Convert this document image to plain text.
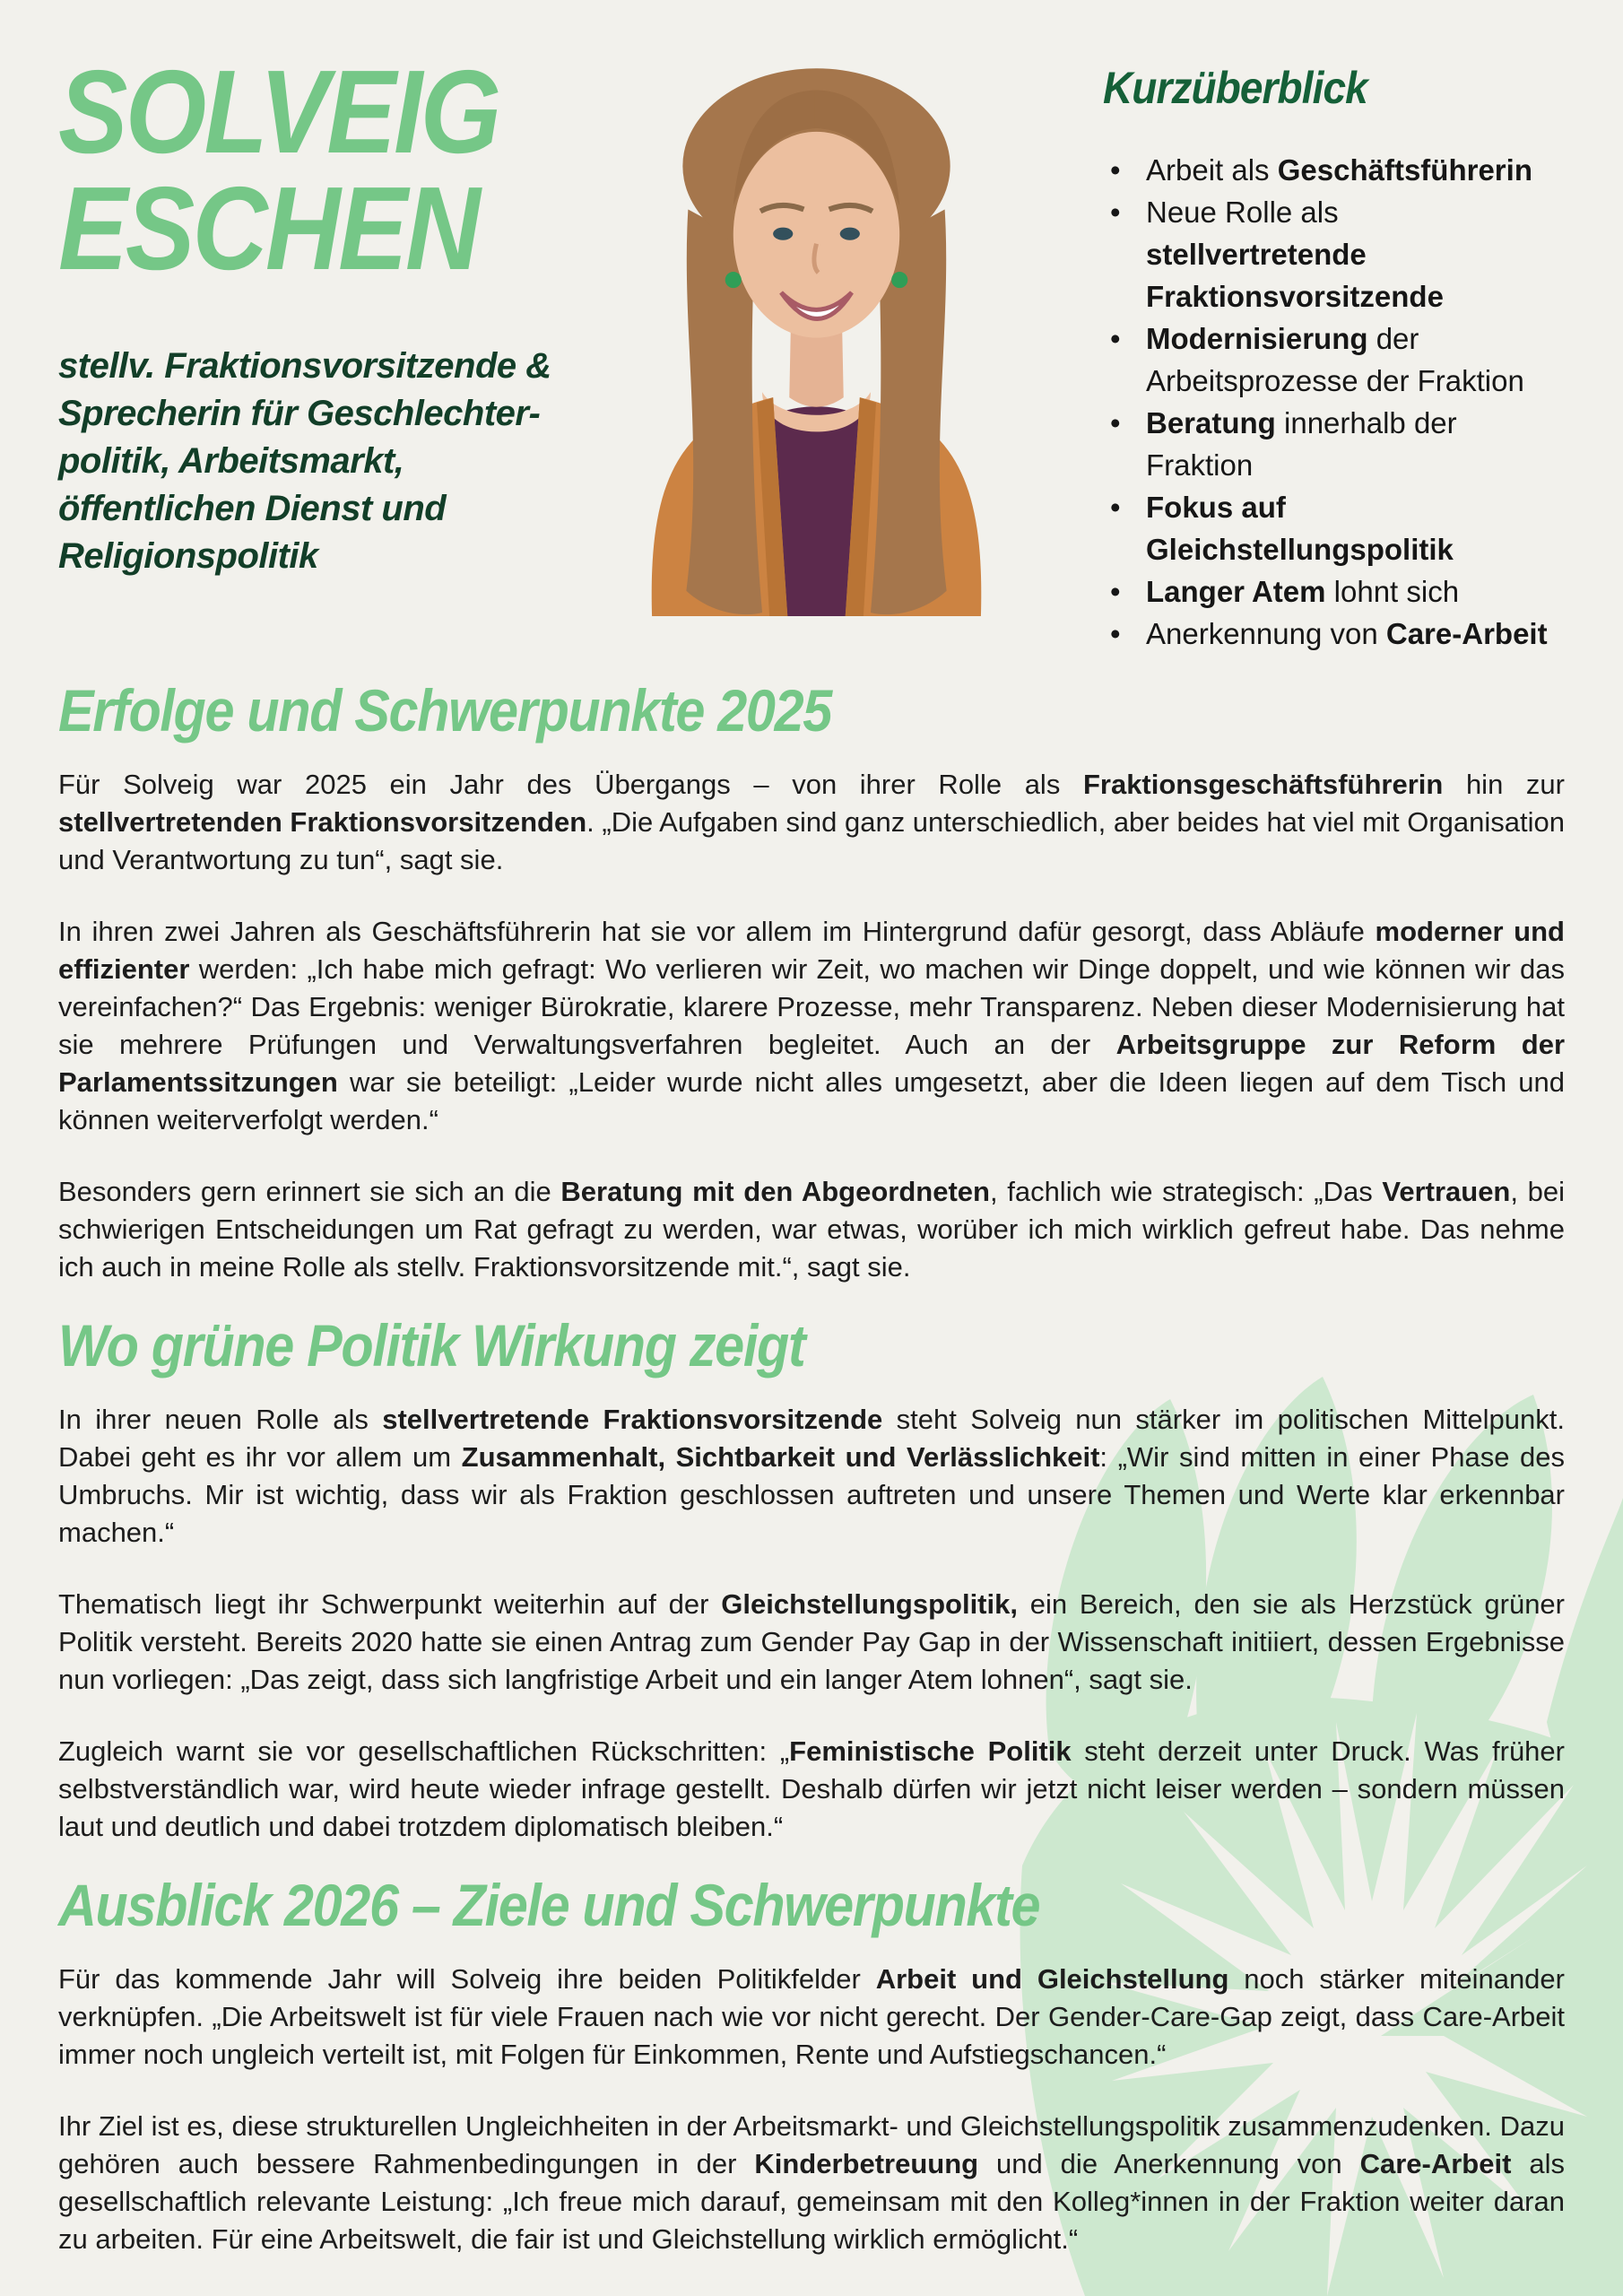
SOLVEIG
ESCHEN
stellv. Fraktionsvorsitzende &
Sprecherin für Geschlechter-
politik, Arbeitsmarkt,
öffentlichen Dienst und
Religionspolitik
Kurzüberblick
• Arbeit als Geschäftsführerin
• Neue Rolle als stellvertretende Fraktionsvorsitzende
• Modernisierung der Arbeitsprozesse der Fraktion
• Beratung innerhalb der Fraktion
• Fokus auf Gleichstellungspolitik
• Langer Atem lohnt sich
• Anerkennung von Care-Arbeit
Erfolge und Schwerpunkte 2025

Für Solveig war 2025 ein Jahr des Übergangs – von ihrer Rolle als Fraktionsgeschäftsführerin hin zur stellvertretenden Fraktionsvorsitzenden. „Die Aufgaben sind ganz unterschiedlich, aber beides hat viel mit Organisation und Verantwortung zu tun“, sagt sie.

In ihren zwei Jahren als Geschäftsführerin hat sie vor allem im Hintergrund dafür gesorgt, dass Abläufe moderner und effizienter werden: „Ich habe mich gefragt: Wo verlieren wir Zeit, wo machen wir Dinge doppelt, und wie können wir das vereinfachen?“ Das Ergebnis: weniger Bürokratie, klarere Prozesse, mehr Transparenz. Neben dieser Modernisierung hat sie mehrere Prüfungen und Verwaltungsverfahren begleitet. Auch an der Arbeitsgruppe zur Reform der Parlamentssitzungen war sie beteiligt: „Leider wurde nicht alles umgesetzt, aber die Ideen liegen auf dem Tisch und können weiterverfolgt werden.“

Besonders gern erinnert sie sich an die Beratung mit den Abgeordneten, fachlich wie strategisch: „Das Vertrauen, bei schwierigen Entscheidungen um Rat gefragt zu werden, war etwas, worüber ich mich wirklich gefreut habe. Das nehme ich auch in meine Rolle als stellv. Fraktionsvorsitzende mit.“, sagt sie.

Wo grüne Politik Wirkung zeigt

In ihrer neuen Rolle als stellvertretende Fraktionsvorsitzende steht Solveig nun stärker im politischen Mittelpunkt. Dabei geht es ihr vor allem um Zusammenhalt, Sichtbarkeit und Verlässlichkeit: „Wir sind mitten in einer Phase des Umbruchs. Mir ist wichtig, dass wir als Fraktion geschlossen auftreten und unsere Themen und Werte klar erkennbar machen.“

Thematisch liegt ihr Schwerpunkt weiterhin auf der Gleichstellungspolitik, ein Bereich, den sie als Herzstück grüner Politik versteht. Bereits 2020 hatte sie einen Antrag zum Gender Pay Gap in der Wissenschaft initiiert, dessen Ergebnisse nun vorliegen: „Das zeigt, dass sich langfristige Arbeit und ein langer Atem lohnen“, sagt sie.

Zugleich warnt sie vor gesellschaftlichen Rückschritten: „Feministische Politik steht derzeit unter Druck. Was früher selbstverständlich war, wird heute wieder infrage gestellt. Deshalb dürfen wir jetzt nicht leiser werden – sondern müssen laut und deutlich und dabei trotzdem diplomatisch bleiben.“

Ausblick 2026 – Ziele und Schwerpunkte

Für das kommende Jahr will Solveig ihre beiden Politikfelder Arbeit und Gleichstellung noch stärker miteinander verknüpfen. „Die Arbeitswelt ist für viele Frauen nach wie vor nicht gerecht. Der Gender-Care-Gap zeigt, dass Care-Arbeit immer noch ungleich verteilt ist, mit Folgen für Einkommen, Rente und Aufstiegschancen.“

Ihr Ziel ist es, diese strukturellen Ungleichheiten in der Arbeitsmarkt- und Gleichstellungspolitik zusammenzudenken. Dazu gehören auch bessere Rahmenbedingungen in der Kinderbetreuung und die Anerkennung von Care-Arbeit als gesellschaftlich relevante Leistung: „Ich freue mich darauf, gemeinsam mit den Kolleg*innen in der Fraktion weiter daran zu arbeiten. Für eine Arbeitswelt, die fair ist und Gleichstellung wirklich ermöglicht.“
